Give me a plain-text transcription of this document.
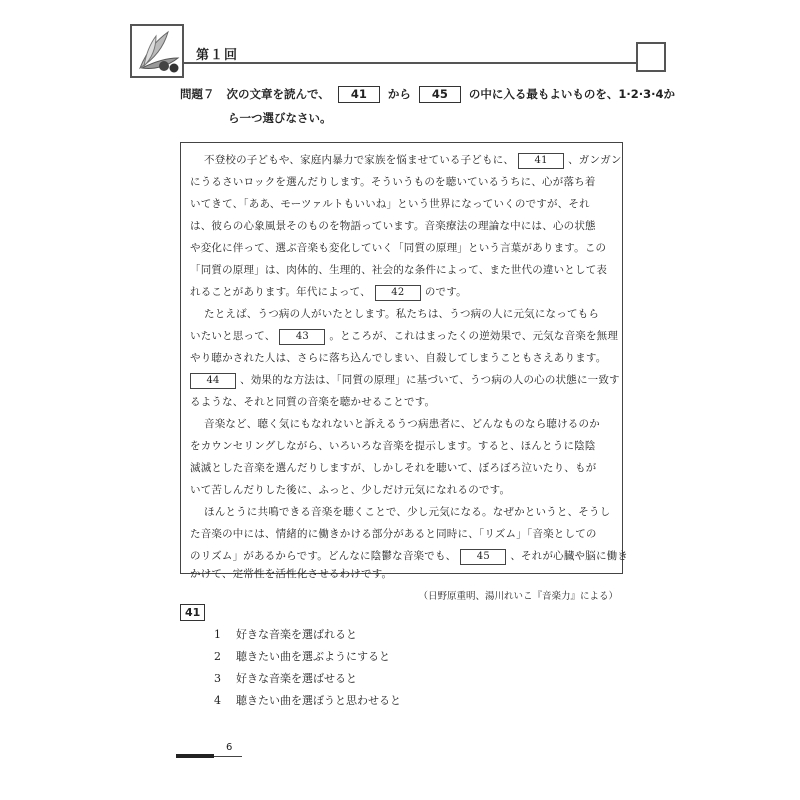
第１回
問題７ 次の文章を読んで、 41 から 45 の中に入る最もよいものを、1·2·3·4か
ら一つ選びなさい。
不登校の子どもや、家庭内暴力で家族を悩ませている子どもに、 41 、ガンガン
にうるさいロックを選んだりします。そういうものを聴いているうちに、心が落ち着
いてきて、「ああ、モーツァルトもいいね」という世界になっていくのですが、それ
は、彼らの心象風景そのものを物語っています。音楽療法の理論な中には、心の状態
や変化に伴って、選ぶ音楽も変化していく「同質の原理」という言葉があります。この
「同質の原理」は、肉体的、生理的、社会的な条件によって、また世代の違いとして表
れることがあります。年代によって、 42 のです。
たとえば、うつ病の人がいたとします。私たちは、うつ病の人に元気になってもら
いたいと思って、 43 。ところが、これはまったくの逆効果で、元気な音楽を無理
やり聴かされた人は、さらに落ち込んでしまい、自殺してしまうこともさえあります。
44 、効果的な方法は、「同質の原理」に基づいて、うつ病の人の心の状態に一致す
るような、それと同質の音楽を聴かせることです。
音楽など、聴く気にもなれないと訴えるうつ病患者に、どんなものなら聴けるのか
をカウンセリングしながら、いろいろな音楽を提示します。すると、ほんとうに陰陰
滅滅とした音楽を選んだりしますが、しかしそれを聴いて、ぼろぼろ泣いたり、もが
いて苦しんだりした後に、ふっと、少しだけ元気になれるのです。
ほんとうに共鳴できる音楽を聴くことで、少し元気になる。なぜかというと、そうし
た音楽の中には、情緒的に働きかける部分があると同時に、「リズム」「音楽としての
のリズム」があるからです。どんなに陰鬱な音楽でも、 45 、それが心臓や脳に働き
かけて、定常性を活性化させるわけです。
（日野原重明、湯川れいこ『音楽力』による）
41
1 好きな音楽を選ばれると
2 聴きたい曲を選ぶようにすると
3 好きな音楽を選ばせると
4 聴きたい曲を選ぼうと思わせると
6
